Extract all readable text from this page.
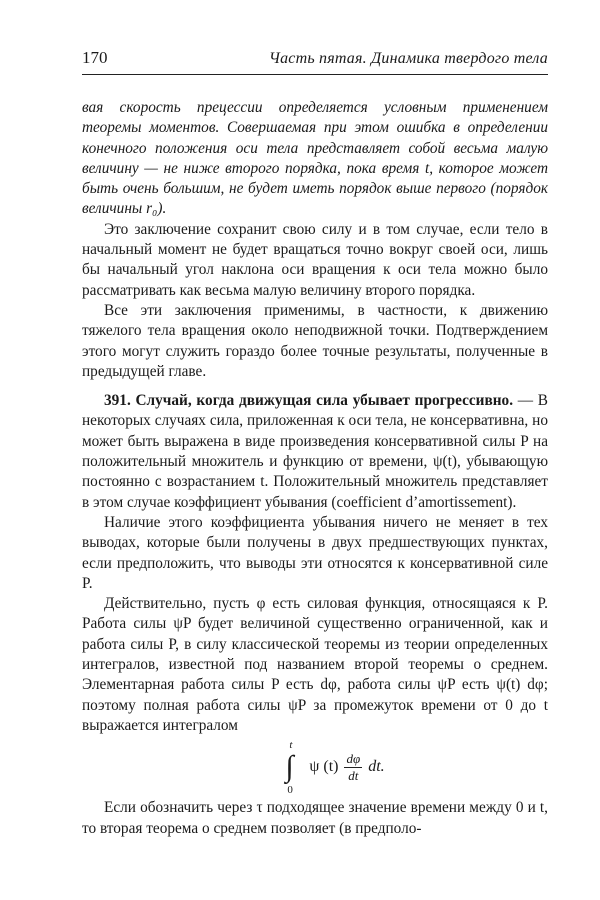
170	Часть пятая. Динамика твердого тела

вая скорость прецессии определяется условным применением теоремы моментов. Совершаемая при этом ошибка в определении конечного положения оси тела представляет собой весьма малую величину — не ниже второго порядка, пока время t, которое может быть очень большим, не будет иметь порядок выше первого (порядок величины r₀).

Это заключение сохранит свою силу и в том случае, если тело в начальный момент не будет вращаться точно вокруг своей оси, лишь бы начальный угол наклона оси вращения к оси тела можно было рассматривать как весьма малую величину второго порядка.

Все эти заключения применимы, в частности, к движению тяжелого тела вращения около неподвижной точки. Подтверждением этого могут служить гораздо более точные результаты, полученные в предыдущей главе.

391. Случай, когда движущая сила убывает прогрессивно. — В некоторых случаях сила, приложенная к оси тела, не консервативна, но может быть выражена в виде произведения консервативной силы P на положительный множитель и функцию от времени, ψ(t), убывающую постоянно с возрастанием t. Положительный множитель представляет в этом случае коэффициент убывания (coefficient d’amortissement).

Наличие этого коэффициента убывания ничего не меняет в тех выводах, которые были получены в двух предшествующих пунктах, если предположить, что выводы эти относятся к консервативной силе P.

Действительно, пусть φ есть силовая функция, относящаяся к P. Работа силы ψP будет величиной существенно ограниченной, как и работа силы P, в силу классической теоремы из теории определенных интегралов, известной под названием второй теоремы о среднем. Элементарная работа силы P есть dφ, работа силы ψP есть ψ(t) dφ; поэтому полная работа силы ψP за промежуток времени от 0 до t выражается интегралом

∫
t
0
ψ $(t) \frac{d\varphi}{dt}$ dt.

Если обозначить через τ подходящее значение времени между 0 и t, то вторая теорема о среднем позволяет (в предполо-
